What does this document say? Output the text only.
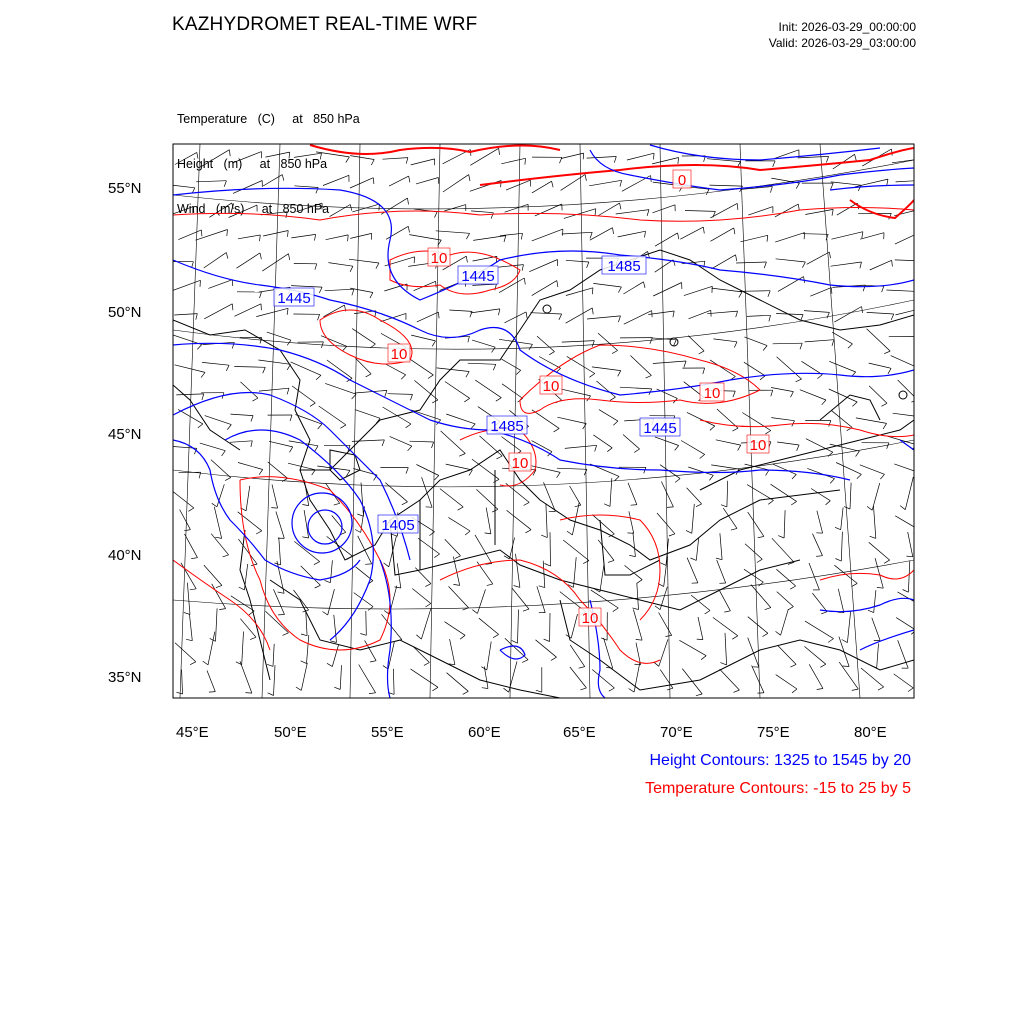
KAZHYDROMET REAL-TIME WRF	Init: 2026-03-29_00:00:00
Valid: 2026-03-29_03:00:00

Temperature   (C)     at   850 hPa

Height   (m)     at   850 hPa

Wind   (m/s)     at   850 hPa

1485
1445
1445
1485	1445
1405
0
10
10
10	10
10
10
10
55°N
50°N
45°N
40°N
35°N
45°E	50°E	55°E	60°E	65°E	70°E	75°E	80°E
Height Contours: 1325 to 1545 by 20
Temperature Contours: -15 to 25 by 5
